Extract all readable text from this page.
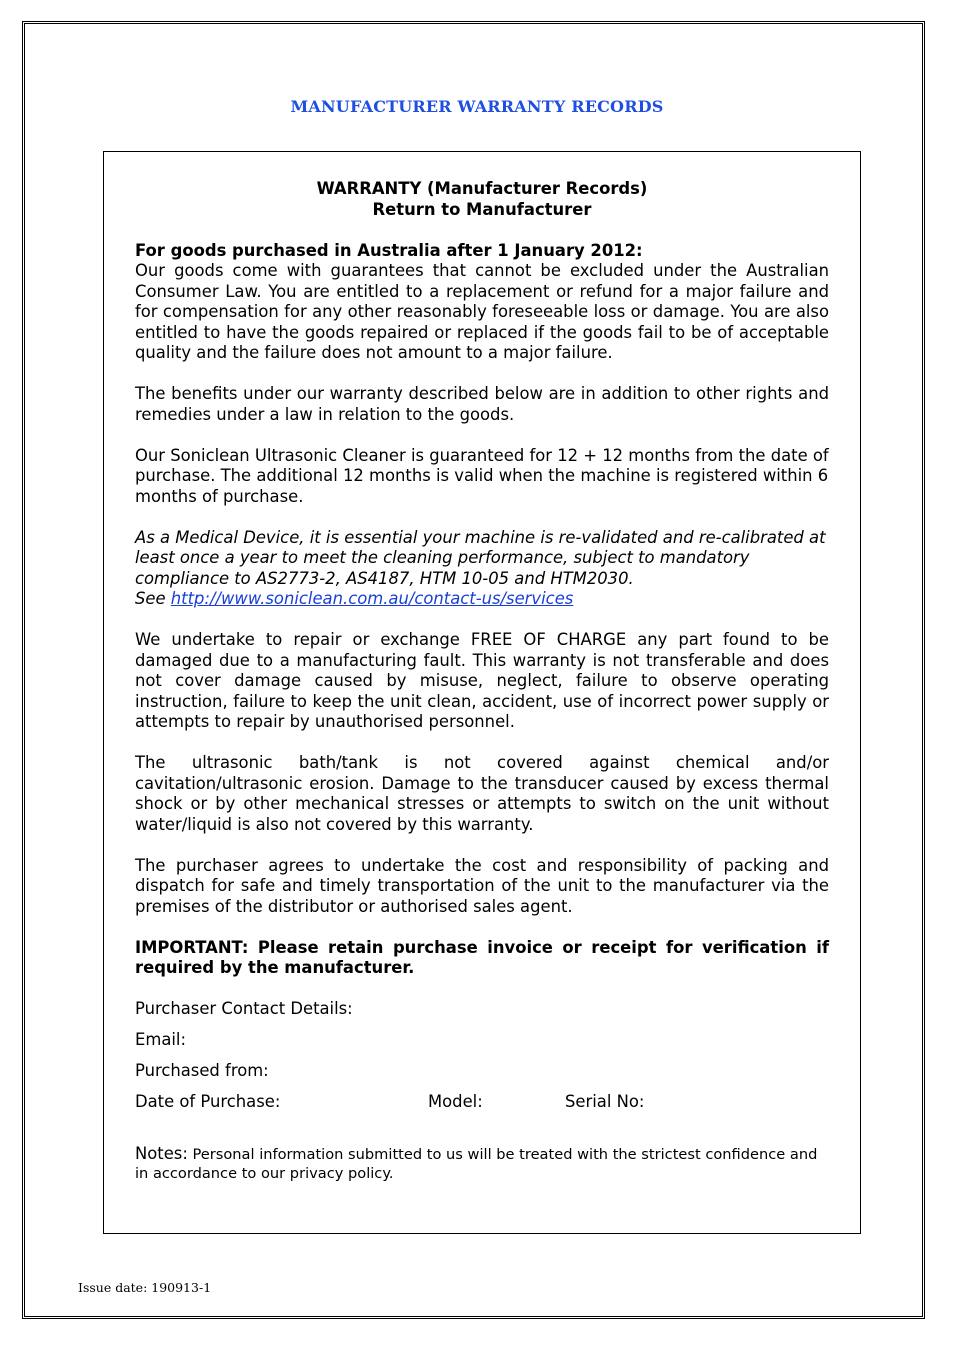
MANUFACTURER WARRANTY RECORDS
WARRANTY (Manufacturer Records)
Return to Manufacturer
For goods purchased in Australia after 1 January 2012:
Our goods come with guarantees that cannot be excluded under the Australian Consumer Law. You are entitled to a replacement or refund for a major failure and for compensation for any other reasonably foreseeable loss or damage. You are also entitled to have the goods repaired or replaced if the goods fail to be of acceptable quality and the failure does not amount to a major failure.
The benefits under our warranty described below are in addition to other rights and remedies under a law in relation to the goods.
Our Soniclean Ultrasonic Cleaner is guaranteed for 12 + 12 months from the date of purchase. The additional 12 months is valid when the machine is registered within 6 months of purchase.
As a Medical Device, it is essential your machine is re-validated and re-calibrated at least once a year to meet the cleaning performance, subject to mandatory compliance to AS2773-2, AS4187, HTM 10-05 and HTM2030.
See http://www.soniclean.com.au/contact-us/services
We undertake to repair or exchange FREE OF CHARGE any part found to be damaged due to a manufacturing fault. This warranty is not transferable and does not cover damage caused by misuse, neglect, failure to observe operating instruction, failure to keep the unit clean, accident, use of incorrect power supply or attempts to repair by unauthorised personnel.
The ultrasonic bath/tank is not covered against chemical and/or cavitation/ultrasonic erosion. Damage to the transducer caused by excess thermal shock or by other mechanical stresses or attempts to switch on the unit without water/liquid is also not covered by this warranty.
The purchaser agrees to undertake the cost and responsibility of packing and dispatch for safe and timely transportation of the unit to the manufacturer via the premises of the distributor or authorised sales agent.
IMPORTANT: Please retain purchase invoice or receipt for verification if required by the manufacturer.
Purchaser Contact Details:
Email:
Purchased from:
Date of Purchase:	Model:	Serial No:
Notes: Personal information submitted to us will be treated with the strictest confidence and in accordance to our privacy policy.
Issue date: 190913-1
